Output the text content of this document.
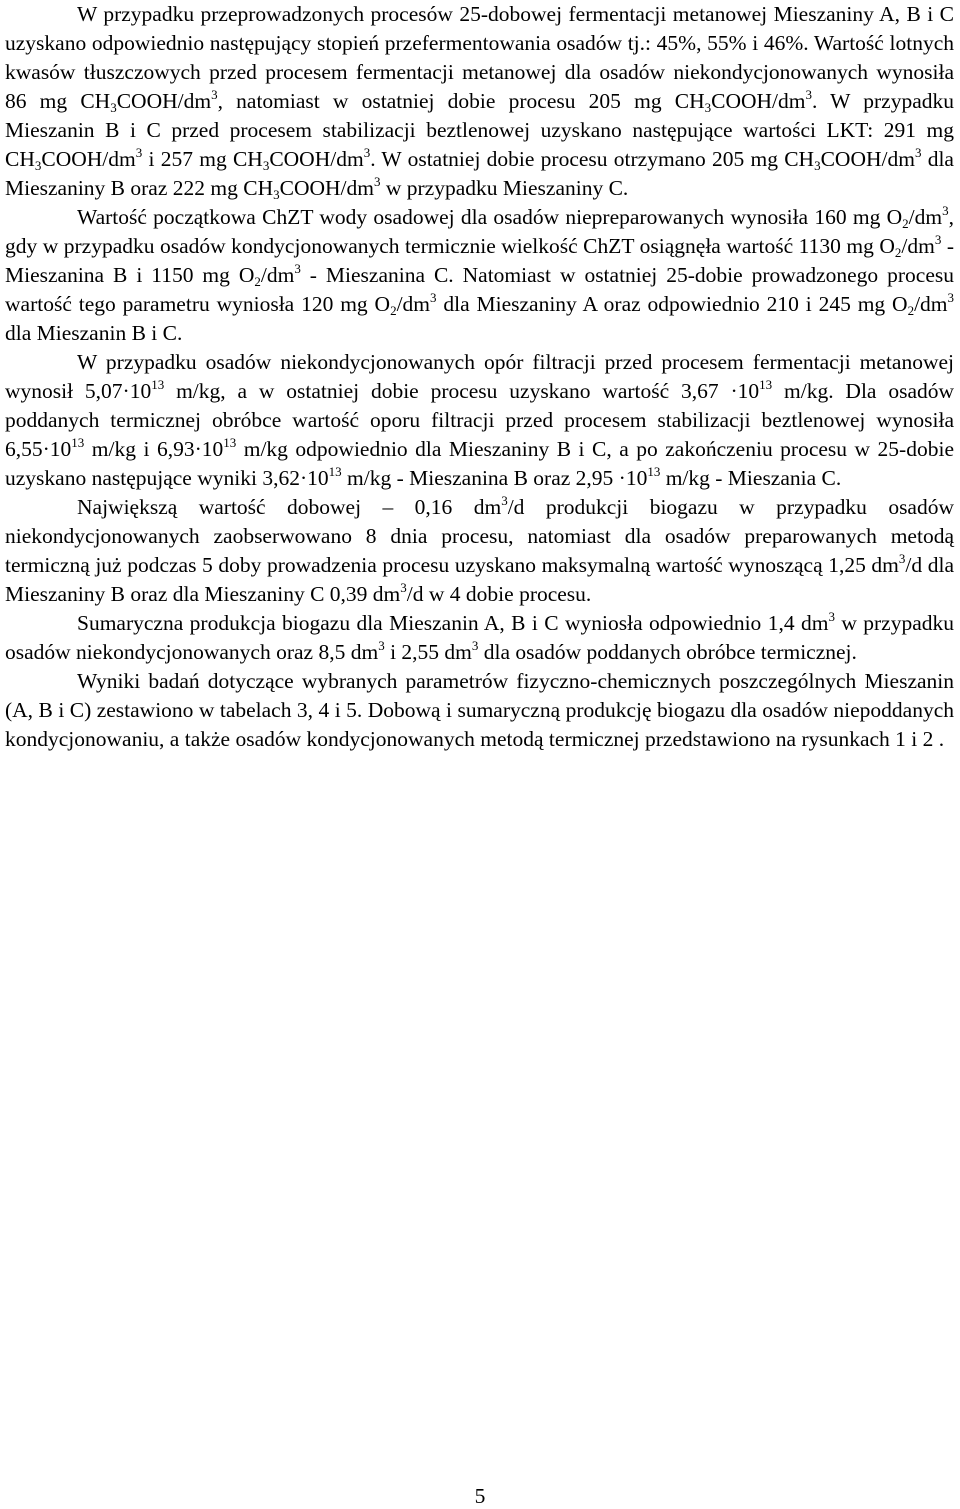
W przypadku przeprowadzonych procesów 25-dobowej fermentacji metanowej Mieszaniny A, B i C uzyskano odpowiednio następujący stopień przefermentowania osadów tj.: 45%, 55% i 46%. Wartość lotnych kwasów tłuszczowych przed procesem fermentacji metanowej dla osadów niekondycjonowanych wynosiła 86 mg $CH_3COOH/dm^3$, natomiast w ostatniej dobie procesu 205 mg $CH_3COOH/dm^3$. W przypadku Mieszanin B i C przed procesem stabilizacji beztlenowej uzyskano następujące wartości LKT: 291 mg $CH_3COOH/dm^3$ i 257 mg $CH_3COOH/dm^3$. W ostatniej dobie procesu otrzymano 205 mg $CH_3COOH/dm^3$ dla Mieszaniny B oraz 222 mg $CH_3COOH/dm^3$ w przypadku Mieszaniny C.

Wartość początkowa ChZT wody osadowej dla osadów niepreparowanych wynosiła 160 mg $O_2/dm^3$, gdy w przypadku osadów kondycjonowanych termicznie wielkość ChZT osiągnęła wartość 1130 mg $O_2/dm^3$ - Mieszanina B i 1150 mg $O_2/dm^3$ - Mieszanina C. Natomiast w ostatniej 25-dobie prowadzonego procesu wartość tego parametru wyniosła 120 mg $O_2/dm^3$ dla Mieszaniny A oraz odpowiednio 210 i 245 mg $O_2/dm^3$ dla Mieszanin B i C.

W przypadku osadów niekondycjonowanych opór filtracji przed procesem fermentacji metanowej wynosił $5,07\cdot 10^{13}$ m/kg, a w ostatniej dobie procesu uzyskano wartość $3,67 \cdot 10^{13}$ m/kg. Dla osadów poddanych termicznej obróbce wartość oporu filtracji przed procesem stabilizacji beztlenowej wynosiła $6,55\cdot 10^{13}$ m/kg i $6,93\cdot 10^{13}$ m/kg odpowiednio dla Mieszaniny B i C, a po zakończeniu procesu w 25-dobie uzyskano następujące wyniki $3,62\cdot 10^{13}$ m/kg - Mieszanina B oraz $2,95 \cdot 10^{13}$ m/kg - Mieszania C.

Największą wartość dobowej – 0,16 $dm^3/d$ produkcji biogazu w przypadku osadów niekondycjonowanych zaobserwowano 8 dnia procesu, natomiast dla osadów preparowanych metodą termiczną już podczas 5 doby prowadzenia procesu uzyskano maksymalną wartość wynoszącą 1,25 $dm^3/d$ dla Mieszaniny B oraz dla Mieszaniny C 0,39 $dm^3/d$ w 4 dobie procesu.

Sumaryczna produkcja biogazu dla Mieszanin A, B i C wyniosła odpowiednio 1,4 $dm^3$ w przypadku osadów niekondycjonowanych oraz 8,5 $dm^3$ i 2,55 $dm^3$ dla osadów poddanych obróbce termicznej.

Wyniki badań dotyczące wybranych parametrów fizyczno-chemicznych poszczególnych Mieszanin (A, B i C) zestawiono w tabelach 3, 4 i 5. Dobową i sumaryczną produkcję biogazu dla osadów niepoddanych kondycjonowaniu, a także osadów kondycjonowanych metodą termicznej przedstawiono na rysunkach 1 i 2 .

5
